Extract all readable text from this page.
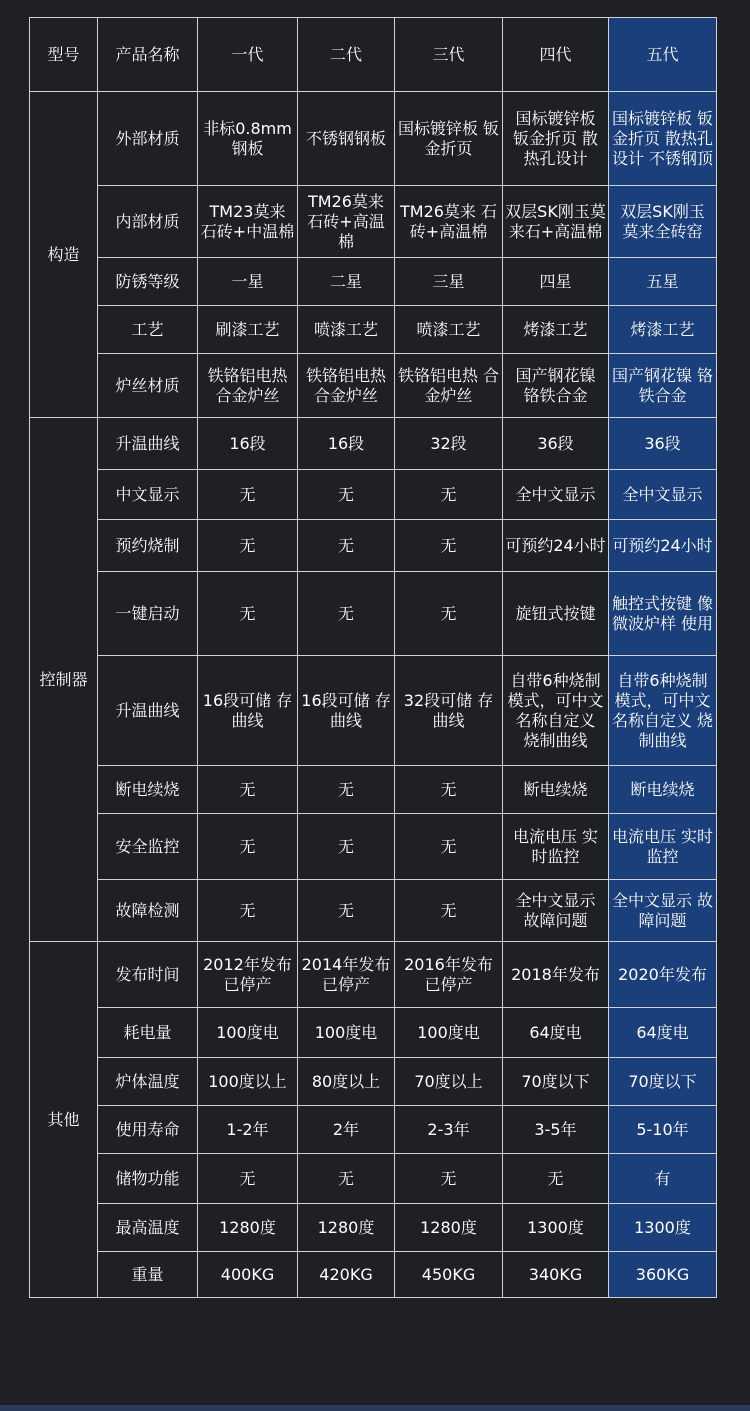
型号	产品名称	一代	二代	三代	四代	五代
构造	外部材质	非标0.8mm 钢板	不锈钢钢板	国标镀锌板 钣金折页	国标镀锌板 钣金折页 散热孔设计	国标镀锌板 钣金折页 散热孔设计 不锈钢顶
	内部材质	TM23莫来 石砖+中温棉	TM26莫来 石砖+高温棉	TM26莫来 石砖+高温棉	双层SK刚玉莫 来石+高温棉	双层SK刚玉 莫来全砖窑
	防锈等级	一星	二星	三星	四星	五星
	工艺	刷漆工艺	喷漆工艺	喷漆工艺	烤漆工艺	烤漆工艺
	炉丝材质	铁铬铝电热 合金炉丝	铁铬铝电热 合金炉丝	铁铬铝电热 合金炉丝	国产钢花镍 铬铁合金	国产钢花镍 铬铁合金
控制器	升温曲线	16段	16段	32段	36段	36段
	中文显示	无	无	无	全中文显示	全中文显示
	预约烧制	无	无	无	可预约24小时	可预约24小时
	一键启动	无	无	无	旋钮式按键	触控式按键 像微波炉样 使用
	升温曲线	16段可储 存曲线	16段可储 存曲线	32段可储 存曲线	自带6种烧制 模式，可中文 名称自定义 烧制曲线	自带6种烧制 模式，可中文 名称自定义 烧制曲线
	断电续烧	无	无	无	断电续烧	断电续烧
	安全监控	无	无	无	电流电压 实时监控	电流电压 实时监控
	故障检测	无	无	无	全中文显示 故障问题	全中文显示 故障问题
其他	发布时间	2012年发布 已停产	2014年发布 已停产	2016年发布 已停产	2018年发布	2020年发布
	耗电量	100度电	100度电	100度电	64度电	64度电
	炉体温度	100度以上	80度以上	70度以上	70度以下	70度以下
	使用寿命	1-2年	2年	2-3年	3-5年	5-10年
	储物功能	无	无	无	无	有
	最高温度	1280度	1280度	1280度	1300度	1300度
	重量	400KG	420KG	450KG	340KG	360KG
